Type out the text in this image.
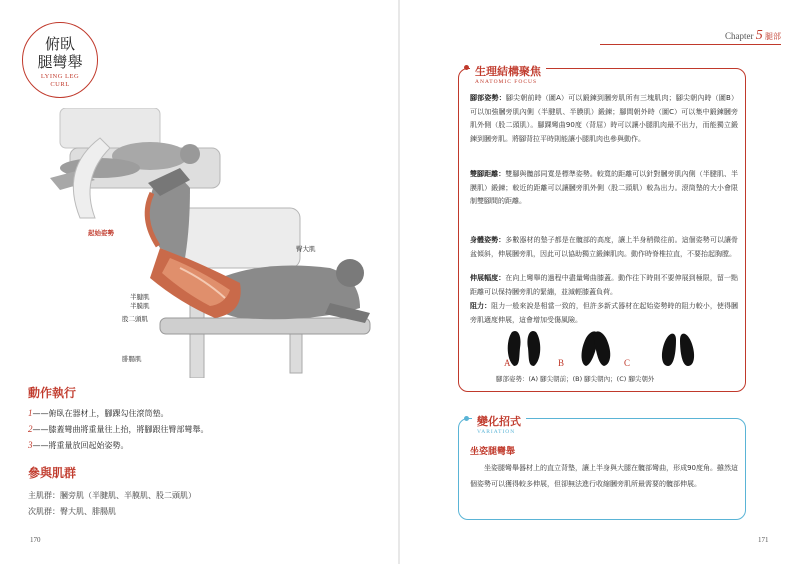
俯臥
腿彎舉
LYING LEG
CURL
起始姿勢
臀大肌
半腱肌
半膜肌
股二頭肌
腓腸肌
動作執行
1——俯臥在器材上，腳踝勾住滾筒墊。
2——膝蓋彎曲將重量往上抬，將腳跟往臀部彎舉。
3——將重量放回起始姿勢。
參與肌群
主肌群：膕旁肌（半腱肌、半膜肌、股二頭肌）
次肌群：臀大肌、腓腸肌
170
Chapter 5 腿部
生理結構聚焦
ANATOMIC FOCUS
腳部姿勢：腳尖朝前時（圖A）可以鍛鍊到膕旁肌所有三塊肌肉；腳尖朝內時（圖B）可以加強膕旁肌內側（半腱肌、半膜肌）鍛鍊；腳間朝外時（圖C）可以集中鍛鍊膕旁肌外側（股二頭肌）。腳踝彎曲90度（背屈）時可以讓小腿肌肉最不出力，而能獨立鍛鍊到膕旁肌。將腳背拉平時則能讓小腿肌肉也參與動作。
雙腳距離：雙腳與髖部同寬是標準姿勢。較寬的距離可以針對膕旁肌內側（半腱肌、半膜肌）鍛鍊；較近的距離可以讓膕旁肌外側（股二頭肌）較為出力。滾筒墊的大小會限制雙腳間的距離。
身體姿勢：多數器材的墊子都是在髖部的高度，讓上半身稍微往前。這個姿勢可以讓骨盆傾斜，伸展膕旁肌，因此可以協助獨立鍛鍊肌肉。動作時脊椎拉直，不要抬起胸膛。
伸展幅度：在向上彎舉的過程中盡量彎曲膝蓋。動作往下時則不要伸展到極限，留一點距離可以保持膕旁肌的緊繃，並減輕膝蓋負荷。
阻力：阻力一般來說是相當一致的，但許多新式器材在起始姿勢時的阻力較小，使得膕旁肌適度伸展，這會增加受傷風險。
A	B	C
腳部姿勢：(A) 腳尖朝前；(B) 腳尖朝內；(C) 腳尖朝外
變化招式
VARIATION
坐姿腿彎舉
坐姿腿彎舉器材上的直立背墊，讓上半身與大腿在髖部彎曲，形成90度角。雖然這個姿勢可以獲得較多伸展，但卻無法進行收縮膕旁肌所最需要的髖部伸展。
171
